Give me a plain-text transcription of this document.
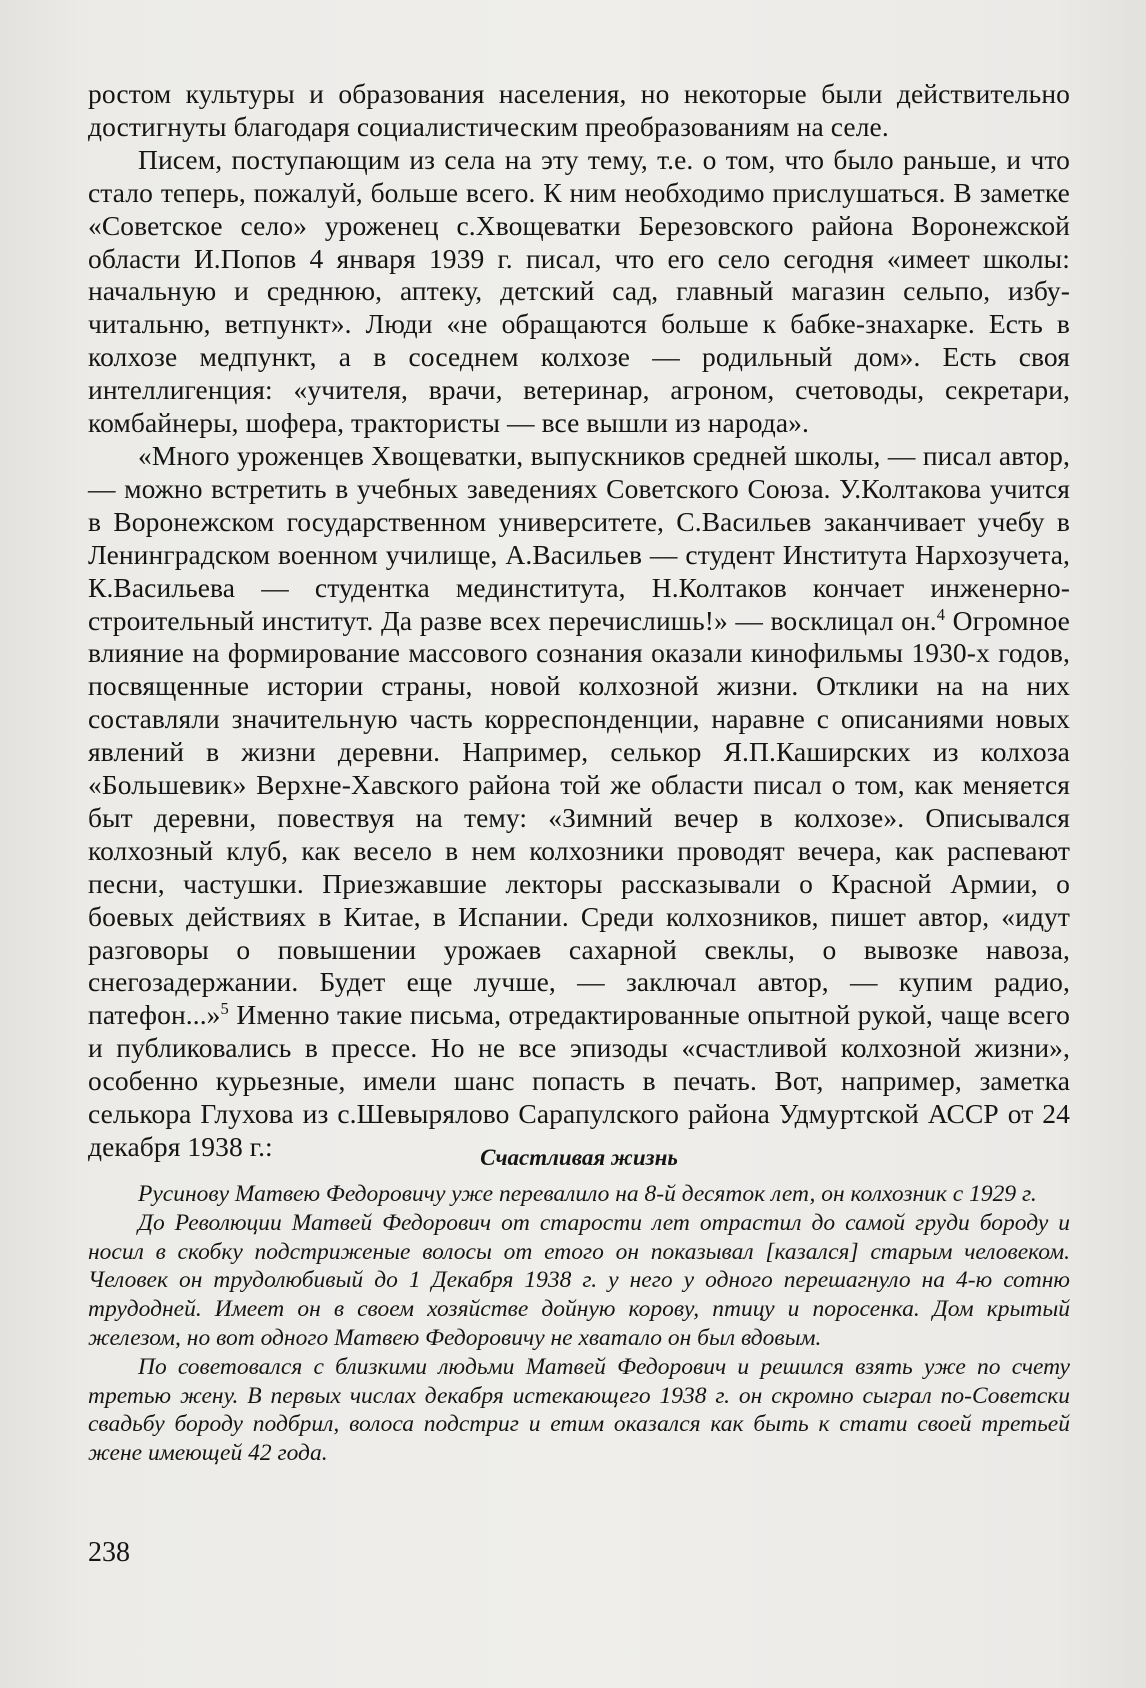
ростом культуры и образования населения, но некоторые были действительно достигнуты благодаря социалистическим преобразованиям на селе.

Писем, поступающим из села на эту тему, т.е. о том, что было раньше, и что стало теперь, пожалуй, больше всего. К ним необходимо прислушаться. В заметке «Советское село» уроженец с.Хвощеватки Березовского района Воронежской области И.Попов 4 января 1939 г. писал, что его село сегодня «имеет школы: начальную и среднюю, аптеку, детский сад, главный магазин сельпо, избу-читальню, ветпункт». Люди «не обращаются больше к бабке-знахарке. Есть в колхозе медпункт, а в соседнем колхозе — родильный дом». Есть своя интеллигенция: «учителя, врачи, ветеринар, агроном, счетоводы, секретари, комбайнеры, шофера, трактористы — все вышли из народа».

«Много уроженцев Хвощеватки, выпускников средней школы, — писал автор, — можно встретить в учебных заведениях Советского Союза. У.Колтакова учится в Воронежском государственном университете, С.Васильев заканчивает учебу в Ленинградском военном училище, А.Васильев — студент Института Нархозучета, К.Васильева — студентка мединститута, Н.Колтаков кончает инженерно-строительный институт. Да разве всех перечислишь!» — восклицал он.$^4$ Огромное влияние на формирование массового сознания оказали кинофильмы 1930-х годов, посвященные истории страны, новой колхозной жизни. Отклики на на них составляли значительную часть корреспонденции, наравне с описаниями новых явлений в жизни деревни. Например, селькор Я.П.Каширских из колхоза «Большевик» Верхне-Хавского района той же области писал о том, как меняется быт деревни, повествуя на тему: «Зимний вечер в колхозе». Описывался колхозный клуб, как весело в нем колхозники проводят вечера, как распевают песни, частушки. Приезжавшие лекторы рассказывали о Красной Армии, о боевых действиях в Китае, в Испании. Среди колхозников, пишет автор, «идут разговоры о повышении урожаев сахарной свеклы, о вывозке навоза, снегозадержании. Будет еще лучше, — заключал автор, — купим радио, патефон...»$^5$ Именно такие письма, отредактированные опытной рукой, чаще всего и публиковались в прессе. Но не все эпизоды «счастливой колхозной жизни», особенно курьезные, имели шанс попасть в печать. Вот, например, заметка селькора Глухова из с.Шевырялово Сарапулского района Удмуртской АССР от 24 декабря 1938 г.:	Счастливая жизнь

Русинову Матвею Федоровичу уже перевалило на 8-й десяток лет, он колхозник с 1929 г.

До Революции Матвей Федорович от старости лет отрастил до самой груди бороду и носил в скобку подстриженые волосы от етого он показывал [казался] старым человеком. Человек он трудолюбивый до 1 Декабря 1938 г. у него у одного перешагнуло на 4-ю сотню трудодней. Имеет он в своем хозяйстве дойную корову, птицу и поросенка. Дом крытый железом, но вот одного Матвею Федоровичу не хватало он был вдовым.

По советовался с близкими людьми Матвей Федорович и решился взять уже по счету третью жену. В первых числах декабря истекающего 1938 г. он скромно сыграл по-Советски свадьбу бороду подбрил, волоса подстриг и етим оказался как быть к стати своей третьей жене имеющей 42 года.

238
